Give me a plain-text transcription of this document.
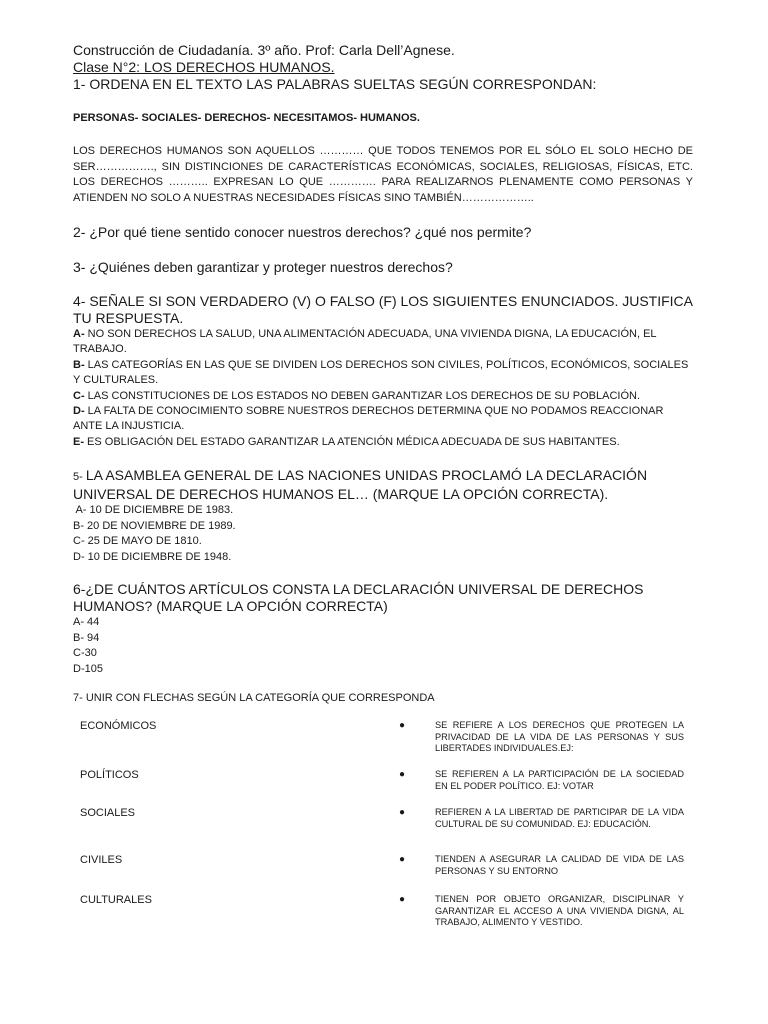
Construcción de Ciudadanía. 3º año. Prof: Carla Dell’Agnese.
Clase N°2: LOS DERECHOS HUMANOS.
1- ORDENA EN EL TEXTO LAS PALABRAS SUELTAS SEGÚN CORRESPONDAN:
PERSONAS- SOCIALES- DERECHOS- NECESITAMOS- HUMANOS.
LOS DERECHOS HUMANOS SON AQUELLOS ………… QUE TODOS TENEMOS POR EL SÓLO EL SOLO HECHO DE SER……………., SIN DISTINCIONES DE CARACTERÍSTICAS ECONÓMICAS, SOCIALES, RELIGIOSAS, FÍSICAS, ETC. LOS DERECHOS ……….. EXPRESAN LO QUE …………. PARA REALIZARNOS PLENAMENTE COMO PERSONAS Y ATIENDEN NO SOLO A NUESTRAS NECESIDADES FÍSICAS SINO TAMBIÉN………………..
2- ¿Por qué tiene sentido conocer nuestros derechos? ¿qué nos permite?
3- ¿Quiénes deben garantizar y proteger nuestros derechos?
4- SEÑALE SI SON VERDADERO (V) O FALSO (F) LOS SIGUIENTES ENUNCIADOS. JUSTIFICA TU RESPUESTA.
A- NO SON DERECHOS LA SALUD, UNA ALIMENTACIÓN ADECUADA, UNA VIVIENDA DIGNA, LA EDUCACIÓN, EL TRABAJO.
B- LAS CATEGORÍAS EN LAS QUE SE DIVIDEN LOS DERECHOS SON CIVILES, POLÍTICOS, ECONÓMICOS, SOCIALES Y CULTURALES.
C- LAS CONSTITUCIONES DE LOS ESTADOS NO DEBEN GARANTIZAR LOS DERECHOS DE SU POBLACIÓN.
D- LA FALTA DE CONOCIMIENTO SOBRE NUESTROS DERECHOS DETERMINA QUE NO PODAMOS REACCIONAR ANTE LA INJUSTICIA.
E- ES OBLIGACIÓN DEL ESTADO GARANTIZAR LA ATENCIÓN MÉDICA ADECUADA DE SUS HABITANTES.
5- LA ASAMBLEA GENERAL DE LAS NACIONES UNIDAS PROCLAMÓ LA DECLARACIÓN UNIVERSAL DE DERECHOS HUMANOS EL… (MARQUE LA OPCIÓN CORRECTA).
A- 10 DE DICIEMBRE DE 1983.
B- 20 DE NOVIEMBRE DE 1989.
C- 25 DE MAYO DE 1810.
D- 10 DE DICIEMBRE DE 1948.
6-¿DE CUÁNTOS ARTÍCULOS CONSTA LA DECLARACIÓN UNIVERSAL DE DERECHOS HUMANOS? (MARQUE LA OPCIÓN CORRECTA)
A- 44
B- 94
C-30
D-105
7- UNIR CON FLECHAS SEGÚN LA CATEGORÍA QUE CORRESPONDA
ECONÓMICOS
POLÍTICOS
SOCIALES
CIVILES
CULTURALES
●
●
●
●
●
SE REFIERE A LOS DERECHOS QUE PROTEGEN LA PRIVACIDAD DE LA VIDA DE LAS PERSONAS Y SUS LIBERTADES INDIVIDUALES.EJ:
SE REFIEREN A LA PARTICIPACIÓN DE LA SOCIEDAD EN EL PODER POLÍTICO. EJ: VOTAR
REFIEREN A LA LIBERTAD DE PARTICIPAR DE LA VIDA CULTURAL DE SU COMUNIDAD. EJ: EDUCACIÓN.
TIENDEN A ASEGURAR LA CALIDAD DE VIDA DE LAS PERSONAS Y SU ENTORNO
TIENEN POR OBJETO ORGANIZAR, DISCIPLINAR Y GARANTIZAR EL ACCESO A UNA VIVIENDA DIGNA, AL TRABAJO, ALIMENTO Y VESTIDO.
